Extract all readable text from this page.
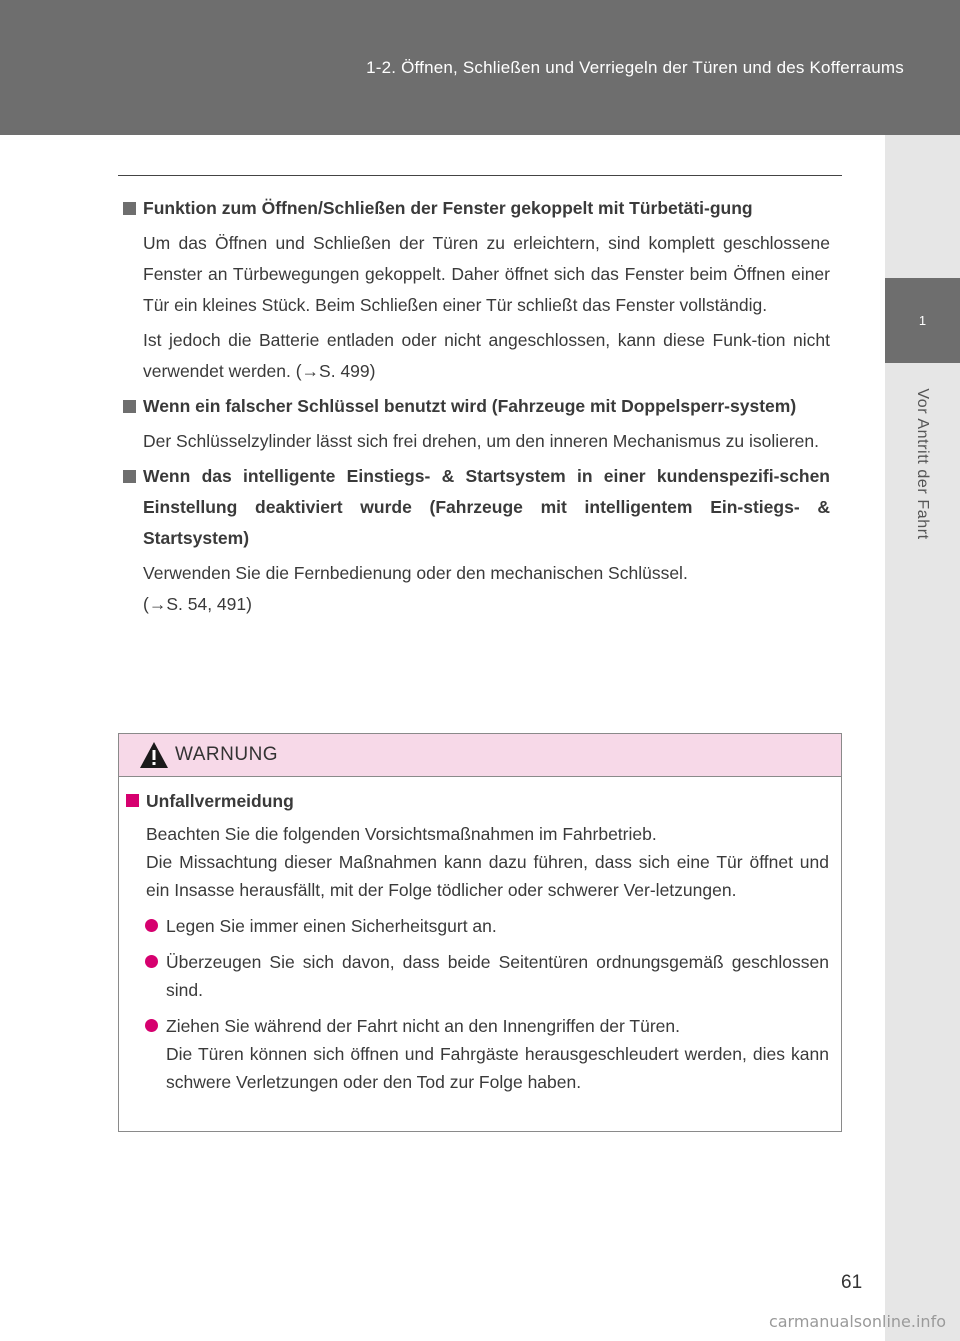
1-2. Öffnen, Schließen und Verriegeln der Türen und des Kofferraums
1
Vor Antritt der Fahrt
Funktion zum Öffnen/Schließen der Fenster gekoppelt mit Türbetäti-gung

Um das Öffnen und Schließen der Türen zu erleichtern, sind komplett geschlossene Fenster an Türbewegungen gekoppelt. Daher öffnet sich das Fenster beim Öffnen einer Tür ein kleines Stück. Beim Schließen einer Tür schließt das Fenster vollständig.

Ist jedoch die Batterie entladen oder nicht angeschlossen, kann diese Funk-tion nicht verwendet werden. (→S. 499)

Wenn ein falscher Schlüssel benutzt wird (Fahrzeuge mit Doppelsperr-system)

Der Schlüsselzylinder lässt sich frei drehen, um den inneren Mechanismus zu isolieren.

Wenn das intelligente Einstiegs- & Startsystem in einer kundenspezifi-schen Einstellung deaktiviert wurde (Fahrzeuge mit intelligentem Ein-stiegs- & Startsystem)

Verwenden Sie die Fernbedienung oder den mechanischen Schlüssel.

(→S. 54, 491)

WARNUNG
Unfallvermeidung

Beachten Sie die folgenden Vorsichtsmaßnahmen im Fahrbetrieb.

Die Missachtung dieser Maßnahmen kann dazu führen, dass sich eine Tür öffnet und ein Insasse herausfällt, mit der Folge tödlicher oder schwerer Ver-letzungen.

Legen Sie immer einen Sicherheitsgurt an.
Überzeugen Sie sich davon, dass beide Seitentüren ordnungsgemäß geschlossen sind.
Ziehen Sie während der Fahrt nicht an den Innengriffen der Türen.
Die Türen können sich öffnen und Fahrgäste herausgeschleudert werden, dies kann schwere Verletzungen oder den Tod zur Folge haben.
61
carmanualsonline.info
